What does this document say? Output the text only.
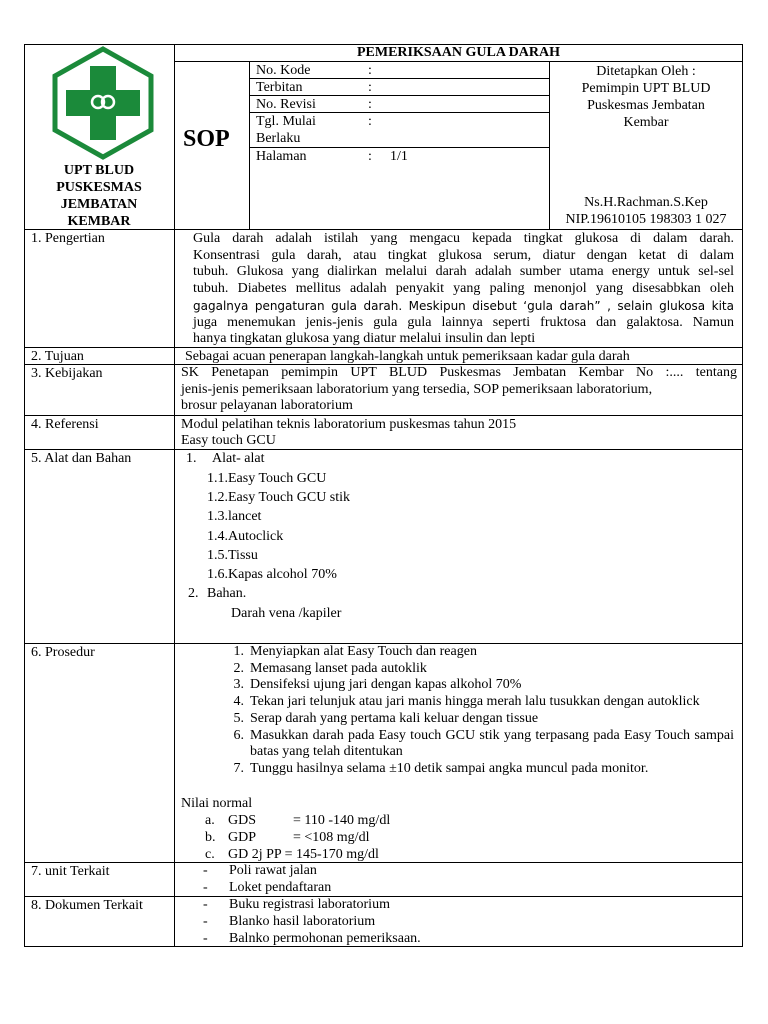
PEMERIKSAAN GULA DARAH
UPT BLUD
PUSKESMAS
JEMBATAN
KEMBAR
SOP
No. Kode	:
Terbitan	:
No. Revisi	:
Tgl. Mulai	:
Berlaku
Halaman	: 1/1
Ditetapkan Oleh :
Pemimpin UPT BLUD
Puskesmas Jembatan
Kembar
Ns.H.Rachman.S.Kep
NIP.19610105 198303 1 027
1. Pengertian	Gula darah adalah istilah yang mengacu kepada tingkat glukosa di dalam darah.
Konsentrasi gula darah, atau tingkat glukosa serum, diatur dengan ketat di dalam
tubuh. Glukosa yang dialirkan melalui darah adalah sumber utama energy untuk sel-sel
tubuh. Diabetes mellitus adalah penyakit yang paling menonjol yang disesabbkan oleh
gagalnya pengaturan gula darah. Meskipun disebut ‘gula darah” , selain glukosa kita
juga menemukan jenis-jenis gula gula lainnya seperti fruktosa dan galaktosa. Namun
hanya tingkatan glukosa yang diatur melalui insulin dan lepti
2. Tujuan	Sebagai acuan penerapan langkah-langkah untuk pemeriksaan kadar gula darah
3. Kebijakan	SK Penetapan pemimpin UPT BLUD Puskesmas Jembatan Kembar No :.... tentang
jenis-jenis pemeriksaan laboratorium yang tersedia, SOP pemeriksaan laboratorium,
brosur pelayanan laboratorium
4. Referensi	Modul pelatihan teknis laboratorium puskesmas tahun 2015
Easy touch GCU
5. Alat dan Bahan	1. Alat- alat
1.1.Easy Touch GCU
1.2.Easy Touch GCU stik
1.3.lancet
1.4.Autoclick
1.5.Tissu
1.6.Kapas alcohol 70%
2. Bahan.
Darah vena /kapiler
6. Prosedur	1. Menyiapkan alat Easy Touch dan reagen
2. Memasang lanset pada autoklik
3. Densifeksi ujung jari dengan kapas alkohol 70%
4. Tekan jari telunjuk atau jari manis hingga merah lalu tusukkan dengan autoklick
5. Serap darah yang pertama kali keluar dengan tissue
6. Masukkan darah pada Easy touch GCU stik yang terpasang pada Easy Touch sampai batas yang telah ditentukan
7. Tunggu hasilnya selama ±10 detik sampai angka muncul pada monitor.
Nilai normal
a. GDS	= 110 -140 mg/dl
b. GDP	= <108 mg/dl
c. GD 2j PP = 145-170 mg/dl
7. unit Terkait	- Poli rawat jalan
- Loket pendaftaran
8. Dokumen Terkait	- Buku registrasi laboratorium
- Blanko hasil laboratorium
- Balnko permohonan pemeriksaan.
